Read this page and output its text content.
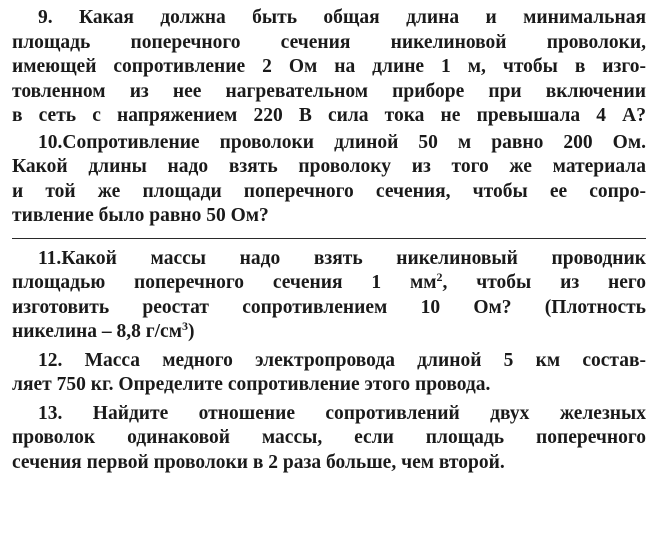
9. Какая должна быть общая длина и минимальная
площадь поперечного сечения никелиновой проволоки,
имеющей сопротивление 2 Ом на длине 1 м, чтобы в изго-
товленном из нее нагревательном приборе при включении
в сеть с напряжением 220 В сила тока не превышала 4 А?
10.Сопротивление проволоки длиной 50 м равно 200 Ом.
Какой длины надо взять проволоку из того же материала
и той же площади поперечного сечения, чтобы ее сопро-
тивление было равно 50 Ом?
11.Какой массы надо взять никелиновый проводник
площадью поперечного сечения 1 $мм^2$, чтобы из него
изготовить реостат сопротивлением 10 Ом? (Плотность
никелина – 8,8 $г/см^3$)
12. Масса медного электропровода длиной 5 км состав-
ляет 750 кг. Определите сопротивление этого провода.
13. Найдите отношение сопротивлений двух железных
проволок одинаковой массы, если площадь поперечного
сечения первой проволоки в 2 раза больше, чем второй.
